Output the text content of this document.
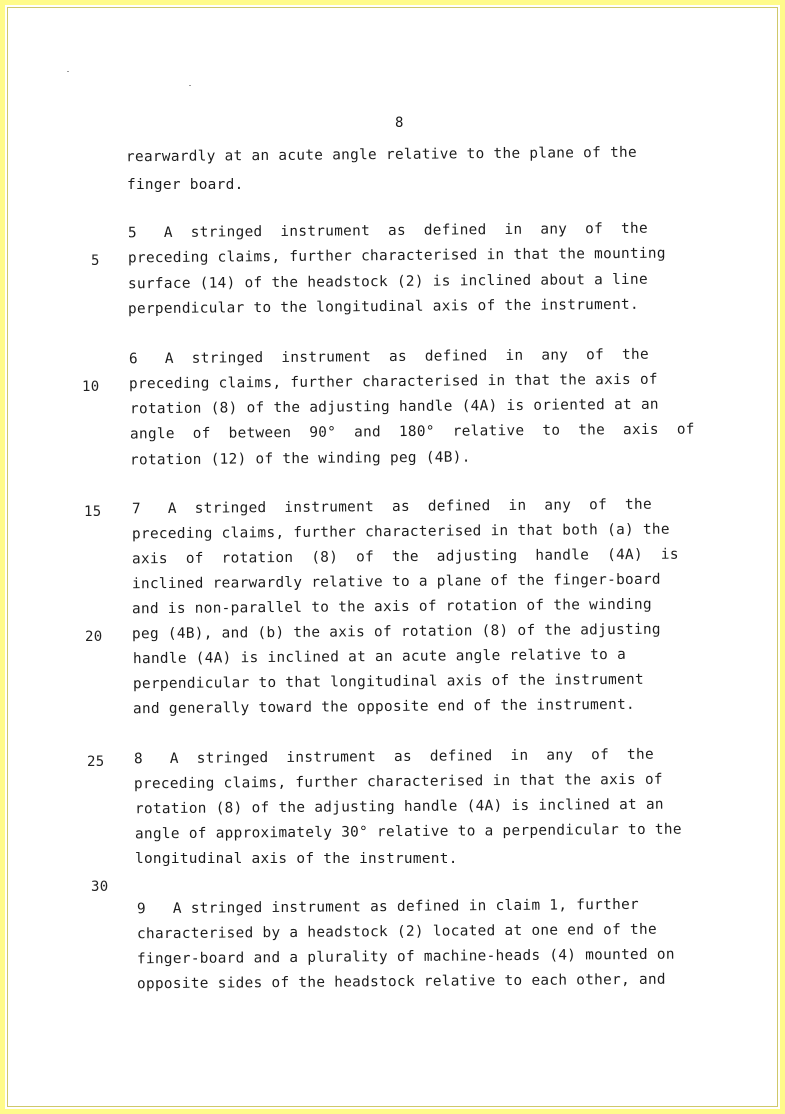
8
5
10
15
20
25
30
rearwardly at an acute angle relative to the plane of the
finger board.
5   A  stringed  instrument  as  defined  in  any  of  the
preceding claims, further characterised in that the mounting
surface (14) of the headstock (2) is inclined about a line
perpendicular to the longitudinal axis of the instrument.
6   A  stringed  instrument  as  defined  in  any  of  the
preceding claims, further characterised in that the axis of
rotation (8) of the adjusting handle (4A) is oriented at an
angle  of  between  90°  and  180°  relative  to  the  axis  of
rotation (12) of the winding peg (4B).
7   A  stringed  instrument  as  defined  in  any  of  the
preceding claims, further characterised in that both (a) the
axis  of  rotation  (8)  of  the  adjusting  handle  (4A)  is
inclined rearwardly relative to a plane of the finger-board
and is non-parallel to the axis of rotation of the winding
peg (4B), and (b) the axis of rotation (8) of the adjusting
handle (4A) is inclined at an acute angle relative to a
perpendicular to that longitudinal axis of the instrument
and generally toward the opposite end of the instrument.
8   A  stringed  instrument  as  defined  in  any  of  the
preceding claims, further characterised in that the axis of
rotation (8) of the adjusting handle (4A) is inclined at an
angle of approximately 30° relative to a perpendicular to the
longitudinal axis of the instrument.
9   A stringed instrument as defined in claim 1, further
characterised by a headstock (2) located at one end of the
finger-board and a plurality of machine-heads (4) mounted on
opposite sides of the headstock relative to each other, and
